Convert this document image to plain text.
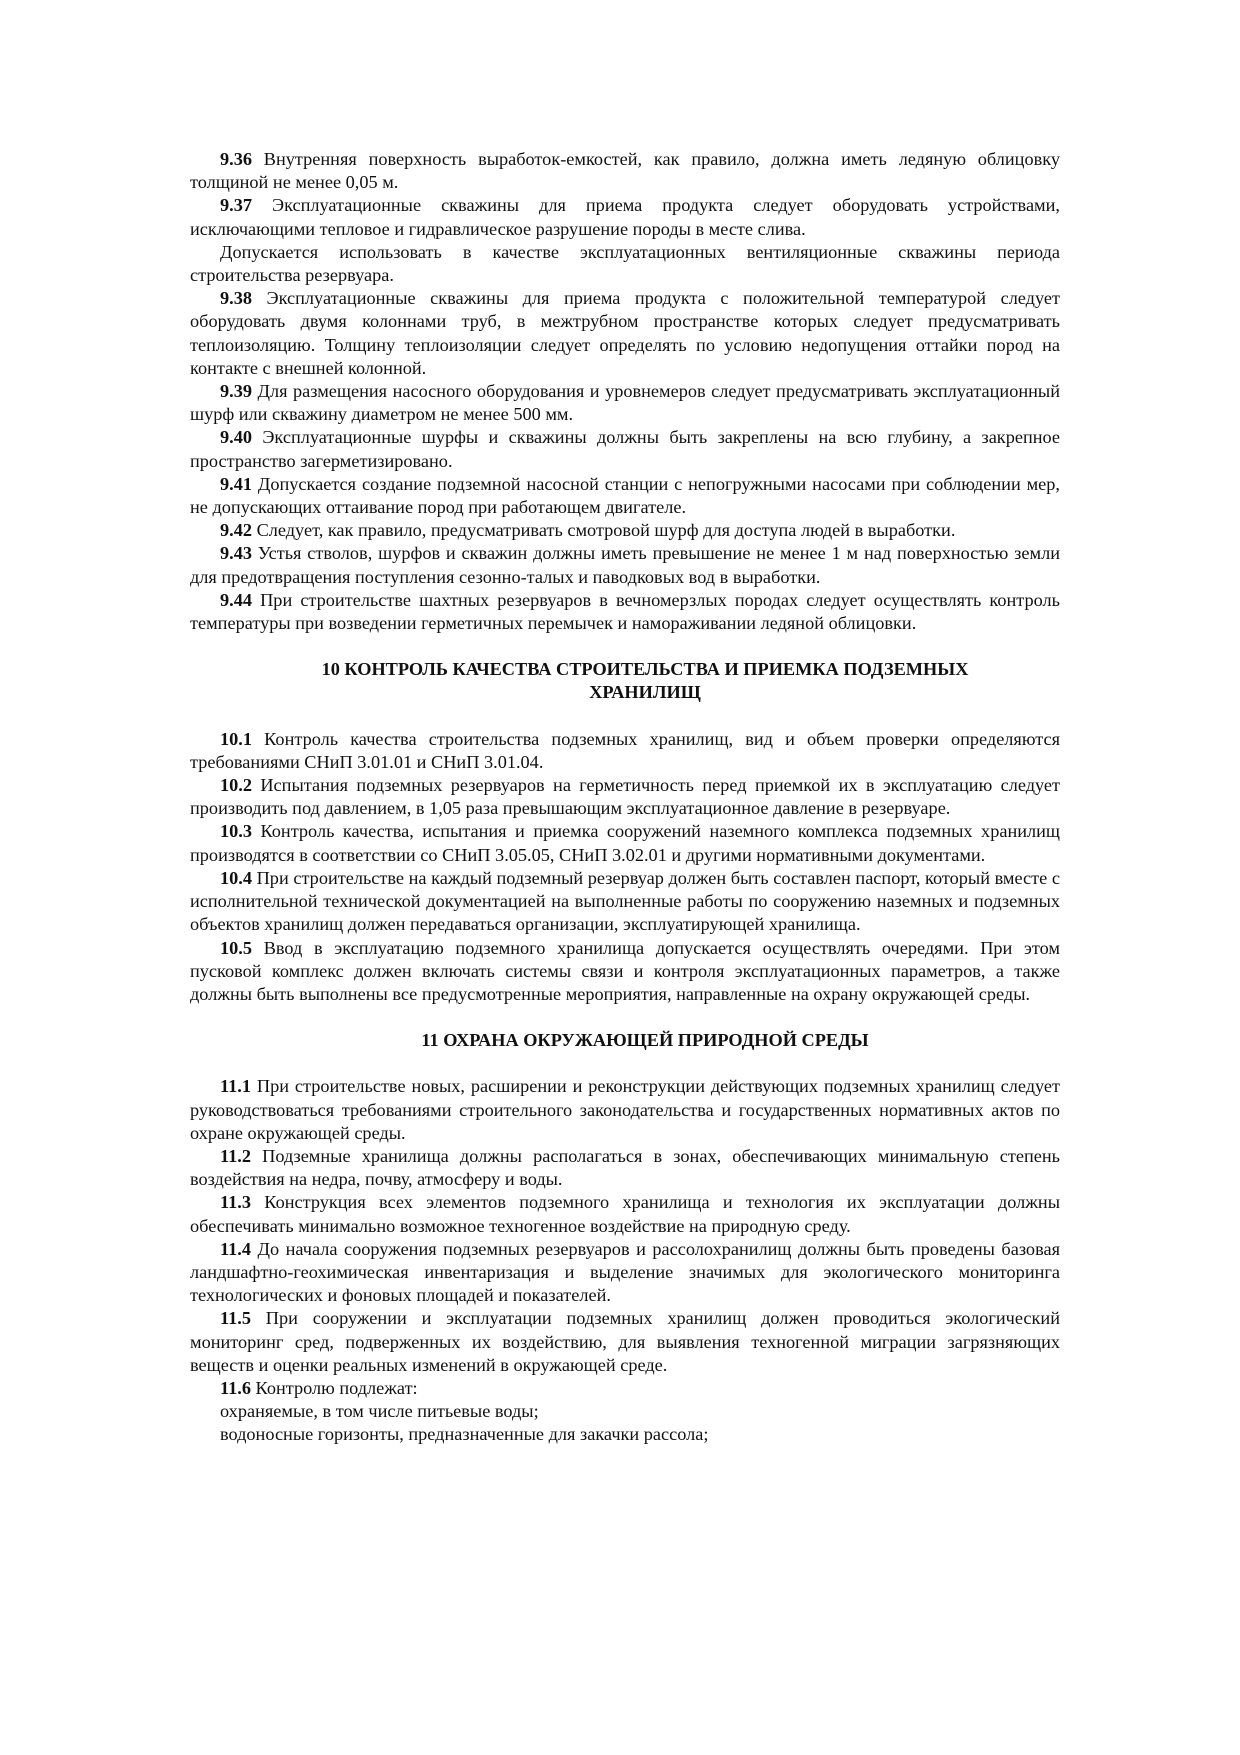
9.36 Внутренняя поверхность выработок-емкостей, как правило, должна иметь ледяную облицовку толщиной не менее 0,05 м.

9.37 Эксплуатационные скважины для приема продукта следует оборудовать устройствами, исключающими тепловое и гидравлическое разрушение породы в месте слива.

Допускается использовать в качестве эксплуатационных вентиляционные скважины периода строительства резервуара.

9.38 Эксплуатационные скважины для приема продукта с положительной температурой следует оборудовать двумя колоннами труб, в межтрубном пространстве которых следует предусматривать теплоизоляцию. Толщину теплоизоляции следует определять по условию недопущения оттайки пород на контакте с внешней колонной.

9.39 Для размещения насосного оборудования и уровнемеров следует предусматривать эксплуатационный шурф или скважину диаметром не менее 500 мм.

9.40 Эксплуатационные шурфы и скважины должны быть закреплены на всю глубину, а закрепное пространство загерметизировано.

9.41 Допускается создание подземной насосной станции с непогружными насосами при соблюдении мер, не допускающих оттаивание пород при работающем двигателе.

9.42 Следует, как правило, предусматривать смотровой шурф для доступа людей в выработки.

9.43 Устья стволов, шурфов и скважин должны иметь превышение не менее 1 м над поверхностью земли для предотвращения поступления сезонно-талых и паводковых вод в выработки.

9.44 При строительстве шахтных резервуаров в вечномерзлых породах следует осуществлять контроль температуры при возведении герметичных перемычек и намораживании ледяной облицовки.

10 КОНТРОЛЬ КАЧЕСТВА СТРОИТЕЛЬСТВА И ПРИЕМКА ПОДЗЕМНЫХ
ХРАНИЛИЩ

10.1 Контроль качества строительства подземных хранилищ, вид и объем проверки определяются требованиями СНиП 3.01.01 и СНиП 3.01.04.

10.2 Испытания подземных резервуаров на герметичность перед приемкой их в эксплуатацию следует производить под давлением, в 1,05 раза превышающим эксплуатационное давление в резервуаре.

10.3 Контроль качества, испытания и приемка сооружений наземного комплекса подземных хранилищ производятся в соответствии со СНиП 3.05.05, СНиП 3.02.01 и другими нормативными документами.

10.4 При строительстве на каждый подземный резервуар должен быть составлен паспорт, который вместе с исполнительной технической документацией на выполненные работы по сооружению наземных и подземных объектов хранилищ должен передаваться организации, эксплуатирующей хранилища.

10.5 Ввод в эксплуатацию подземного хранилища допускается осуществлять очередями. При этом пусковой комплекс должен включать системы связи и контроля эксплуатационных параметров, а также должны быть выполнены все предусмотренные мероприятия, направленные на охрану окружающей среды.

11 ОХРАНА ОКРУЖАЮЩЕЙ ПРИРОДНОЙ СРЕДЫ

11.1 При строительстве новых, расширении и реконструкции действующих подземных хранилищ следует руководствоваться требованиями строительного законодательства и государственных нормативных актов по охране окружающей среды.

11.2 Подземные хранилища должны располагаться в зонах, обеспечивающих минимальную степень воздействия на недра, почву, атмосферу и воды.

11.3 Конструкция всех элементов подземного хранилища и технология их эксплуатации должны обеспечивать минимально возможное техногенное воздействие на природную среду.

11.4 До начала сооружения подземных резервуаров и рассолохранилищ должны быть проведены базовая ландшафтно-геохимическая инвентаризация и выделение значимых для экологического мониторинга технологических и фоновых площадей и показателей.

11.5 При сооружении и эксплуатации подземных хранилищ должен проводиться экологический мониторинг сред, подверженных их воздействию, для выявления техногенной миграции загрязняющих веществ и оценки реальных изменений в окружающей среде.

11.6 Контролю подлежат:

охраняемые, в том числе питьевые воды;

водоносные горизонты, предназначенные для закачки рассола;
